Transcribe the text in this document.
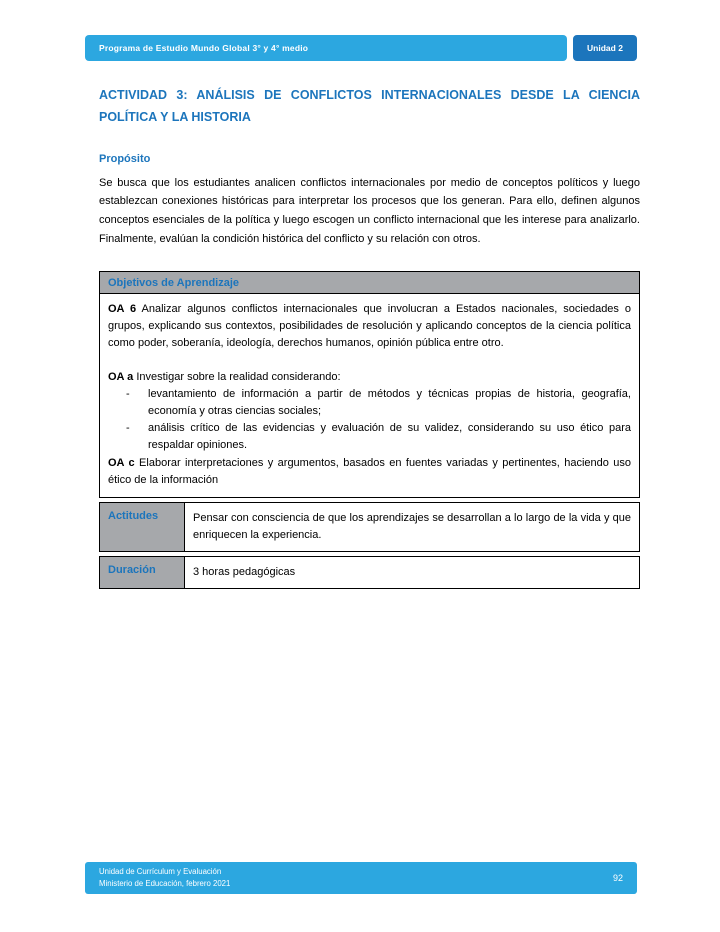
Programa de Estudio Mundo Global 3° y 4° medio	Unidad 2
ACTIVIDAD 3: ANÁLISIS DE CONFLICTOS INTERNACIONALES DESDE LA CIENCIA POLÍTICA Y LA HISTORIA
Propósito

Se busca que los estudiantes analicen conflictos internacionales por medio de conceptos políticos y luego establezcan conexiones históricas para interpretar los procesos que los generan. Para ello, definen algunos conceptos esenciales de la política y luego escogen un conflicto internacional que les interese para analizarlo. Finalmente, evalúan la condición histórica del conflicto y su relación con otros.

Objetivos de Aprendizaje

OA 6 Analizar algunos conflictos internacionales que involucran a Estados nacionales, sociedades o grupos, explicando sus contextos, posibilidades de resolución y aplicando conceptos de la ciencia política como poder, soberanía, ideología, derechos humanos, opinión pública entre otro.

OA a Investigar sobre la realidad considerando:

-	levantamiento de información a partir de métodos y técnicas propias de historia, geografía, economía y otras ciencias sociales;
-	análisis crítico de las evidencias y evaluación de su validez, considerando su uso ético para respaldar opiniones.

OA c Elaborar interpretaciones y argumentos, basados en fuentes variadas y pertinentes, haciendo uso ético de la información

Actitudes	Pensar con consciencia de que los aprendizajes se desarrollan a lo largo de la vida y que enriquecen la experiencia.
Duración	3 horas pedagógicas
Unidad de Currículum y Evaluación
Ministerio de Educación, febrero 2021
92
